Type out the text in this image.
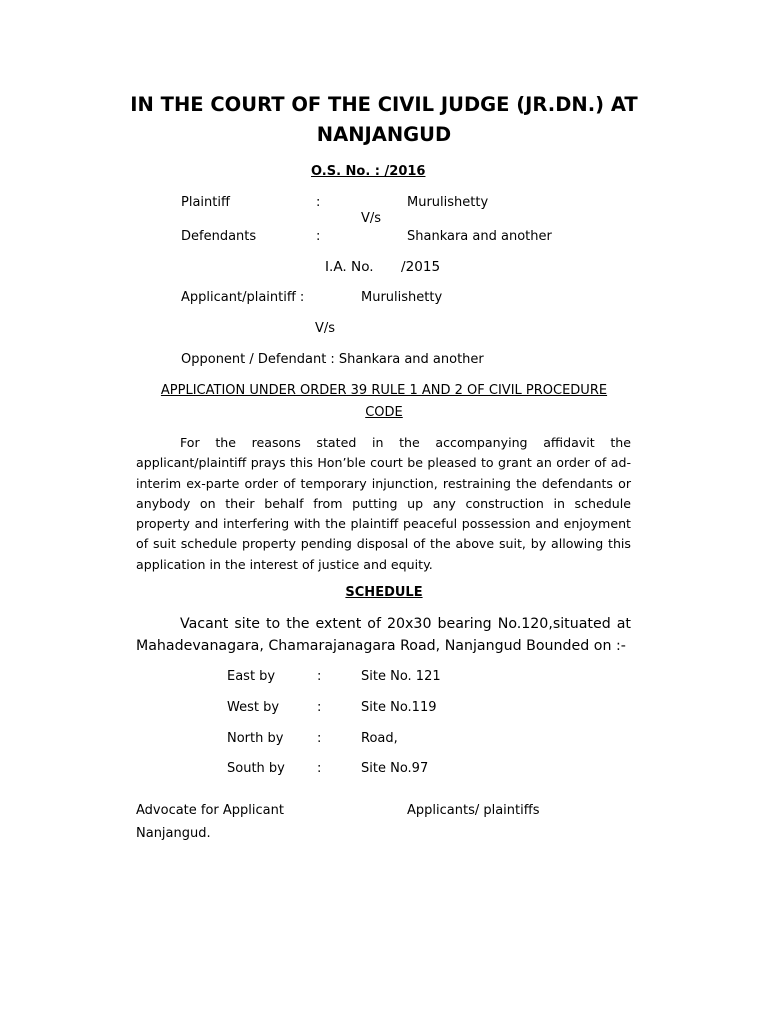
IN THE COURT OF THE CIVIL JUDGE (JR.DN.) AT
NANJANGUD
O.S. No. : /2016
Plaintiff	:	Murulishetty
V/s
Defendants	:	Shankara and another
I.A. No. /2015
Applicant/plaintiff :	Murulishetty
V/s
Opponent / Defendant : Shankara and another
APPLICATION UNDER ORDER 39 RULE 1 AND 2 OF CIVIL PROCEDURE
CODE
For the reasons stated in the accompanying affidavit the applicant/plaintiff prays this Hon’ble court be pleased to grant an order of ad-interim ex-parte order of temporary injunction, restraining the defendants or anybody on their behalf from putting up any construction in schedule property and interfering with the plaintiff peaceful possession and enjoyment of suit schedule property pending disposal of the above suit, by allowing this application in the interest of justice and equity.
SCHEDULE
Vacant site to the extent of 20x30 bearing No.120,situated at Mahadevanagara, Chamarajanagara Road, Nanjangud Bounded on :-
East by	:	Site No. 121
West by	:	Site No.119
North by	:	Road,
South by :	Site No.97
Advocate for Applicant
Nanjangud.
Applicants/ plaintiffs
